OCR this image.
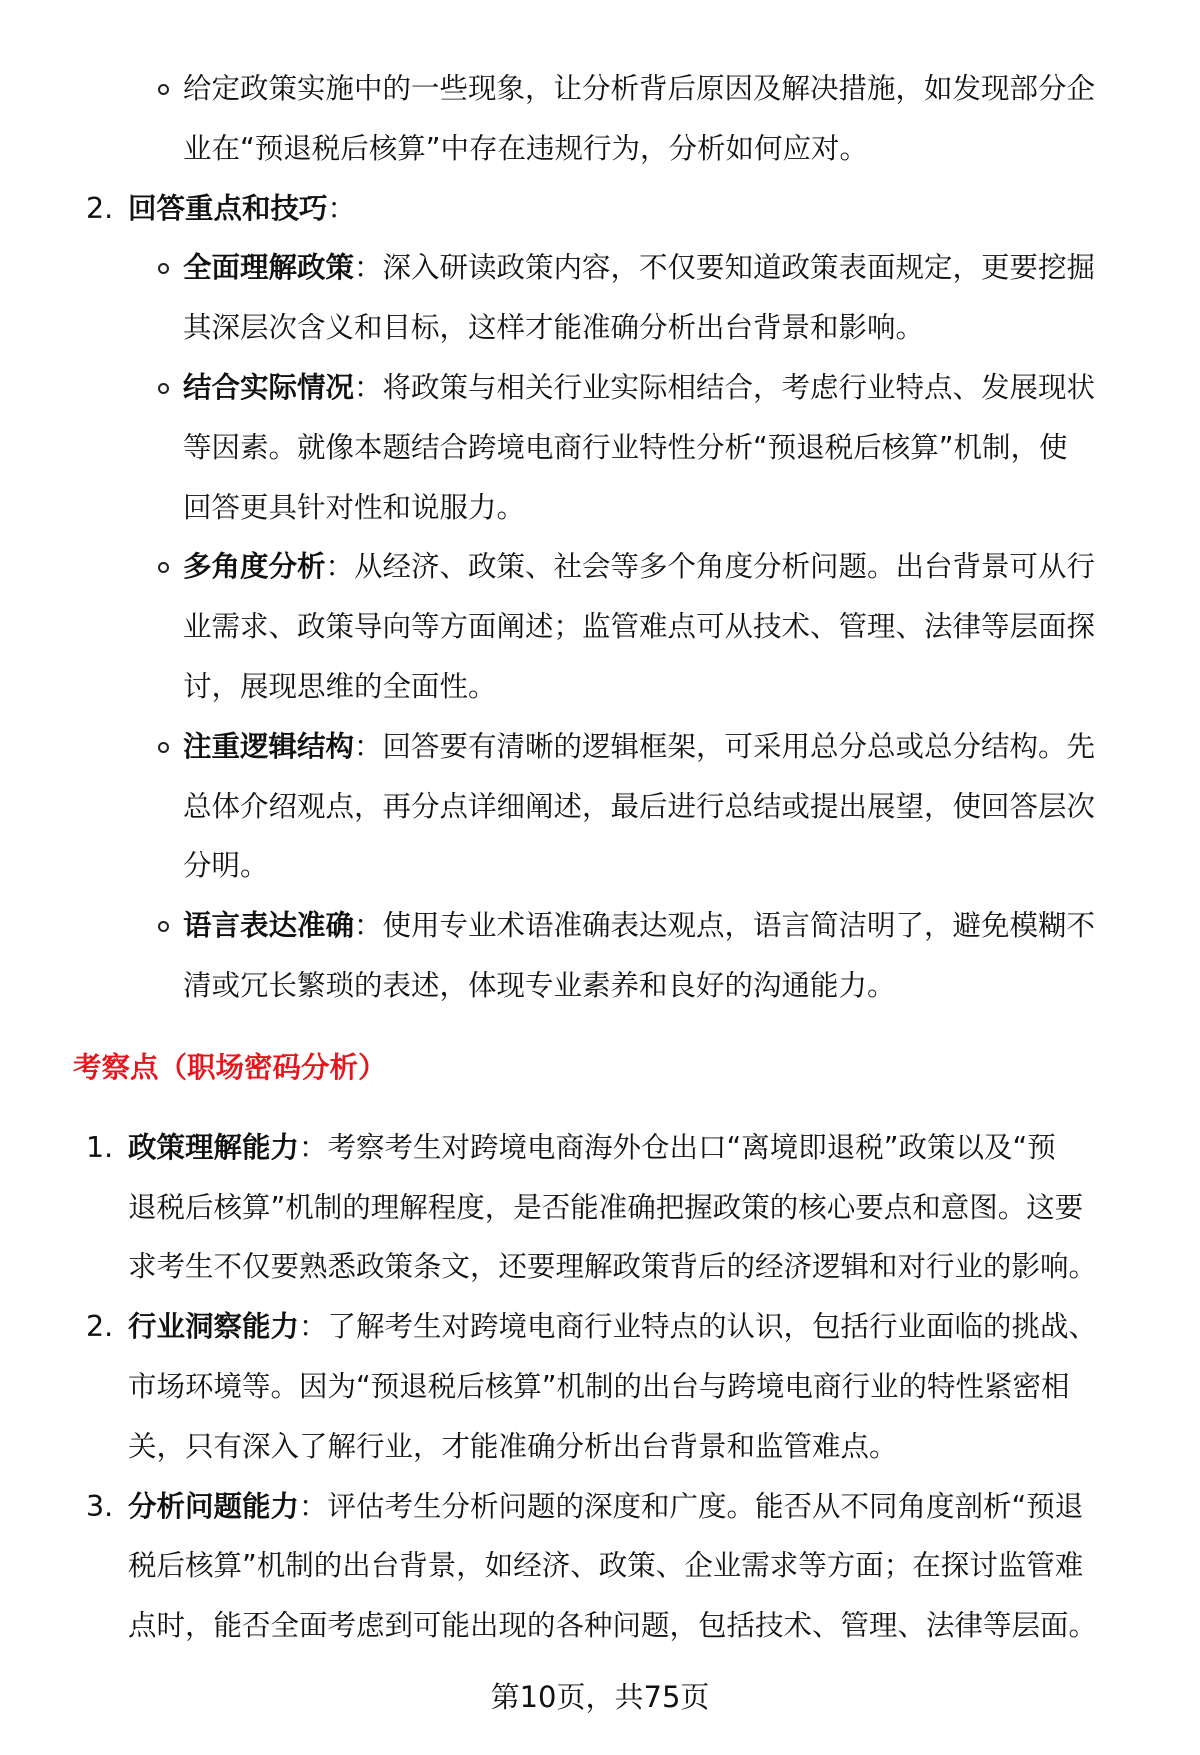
给定政策实施中的一些现象，让分析背后原因及解决措施，如发现部分企
业在“预退税后核算”中存在违规行为，分析如何应对。
2. 回答重点和技巧：
全面理解政策：深入研读政策内容，不仅要知道政策表面规定，更要挖掘
其深层次含义和目标，这样才能准确分析出台背景和影响。
结合实际情况：将政策与相关行业实际相结合，考虑行业特点、发展现状
等因素。就像本题结合跨境电商行业特性分析“预退税后核算”机制，使
回答更具针对性和说服力。
多角度分析：从经济、政策、社会等多个角度分析问题。出台背景可从行
业需求、政策导向等方面阐述；监管难点可从技术、管理、法律等层面探
讨，展现思维的全面性。
注重逻辑结构：回答要有清晰的逻辑框架，可采用总分总或总分结构。先
总体介绍观点，再分点详细阐述，最后进行总结或提出展望，使回答层次
分明。
语言表达准确：使用专业术语准确表达观点，语言简洁明了，避免模糊不
清或冗长繁琐的表述，体现专业素养和良好的沟通能力。
考察点（职场密码分析）
1. 政策理解能力：考察考生对跨境电商海外仓出口“离境即退税”政策以及“预
退税后核算”机制的理解程度，是否能准确把握政策的核心要点和意图。这要
求考生不仅要熟悉政策条文，还要理解政策背后的经济逻辑和对行业的影响。
2. 行业洞察能力：了解考生对跨境电商行业特点的认识，包括行业面临的挑战、
市场环境等。因为“预退税后核算”机制的出台与跨境电商行业的特性紧密相
关，只有深入了解行业，才能准确分析出台背景和监管难点。
3. 分析问题能力：评估考生分析问题的深度和广度。能否从不同角度剖析“预退
税后核算”机制的出台背景，如经济、政策、企业需求等方面；在探讨监管难
点时，能否全面考虑到可能出现的各种问题，包括技术、管理、法律等层面。
第10页，共75页
